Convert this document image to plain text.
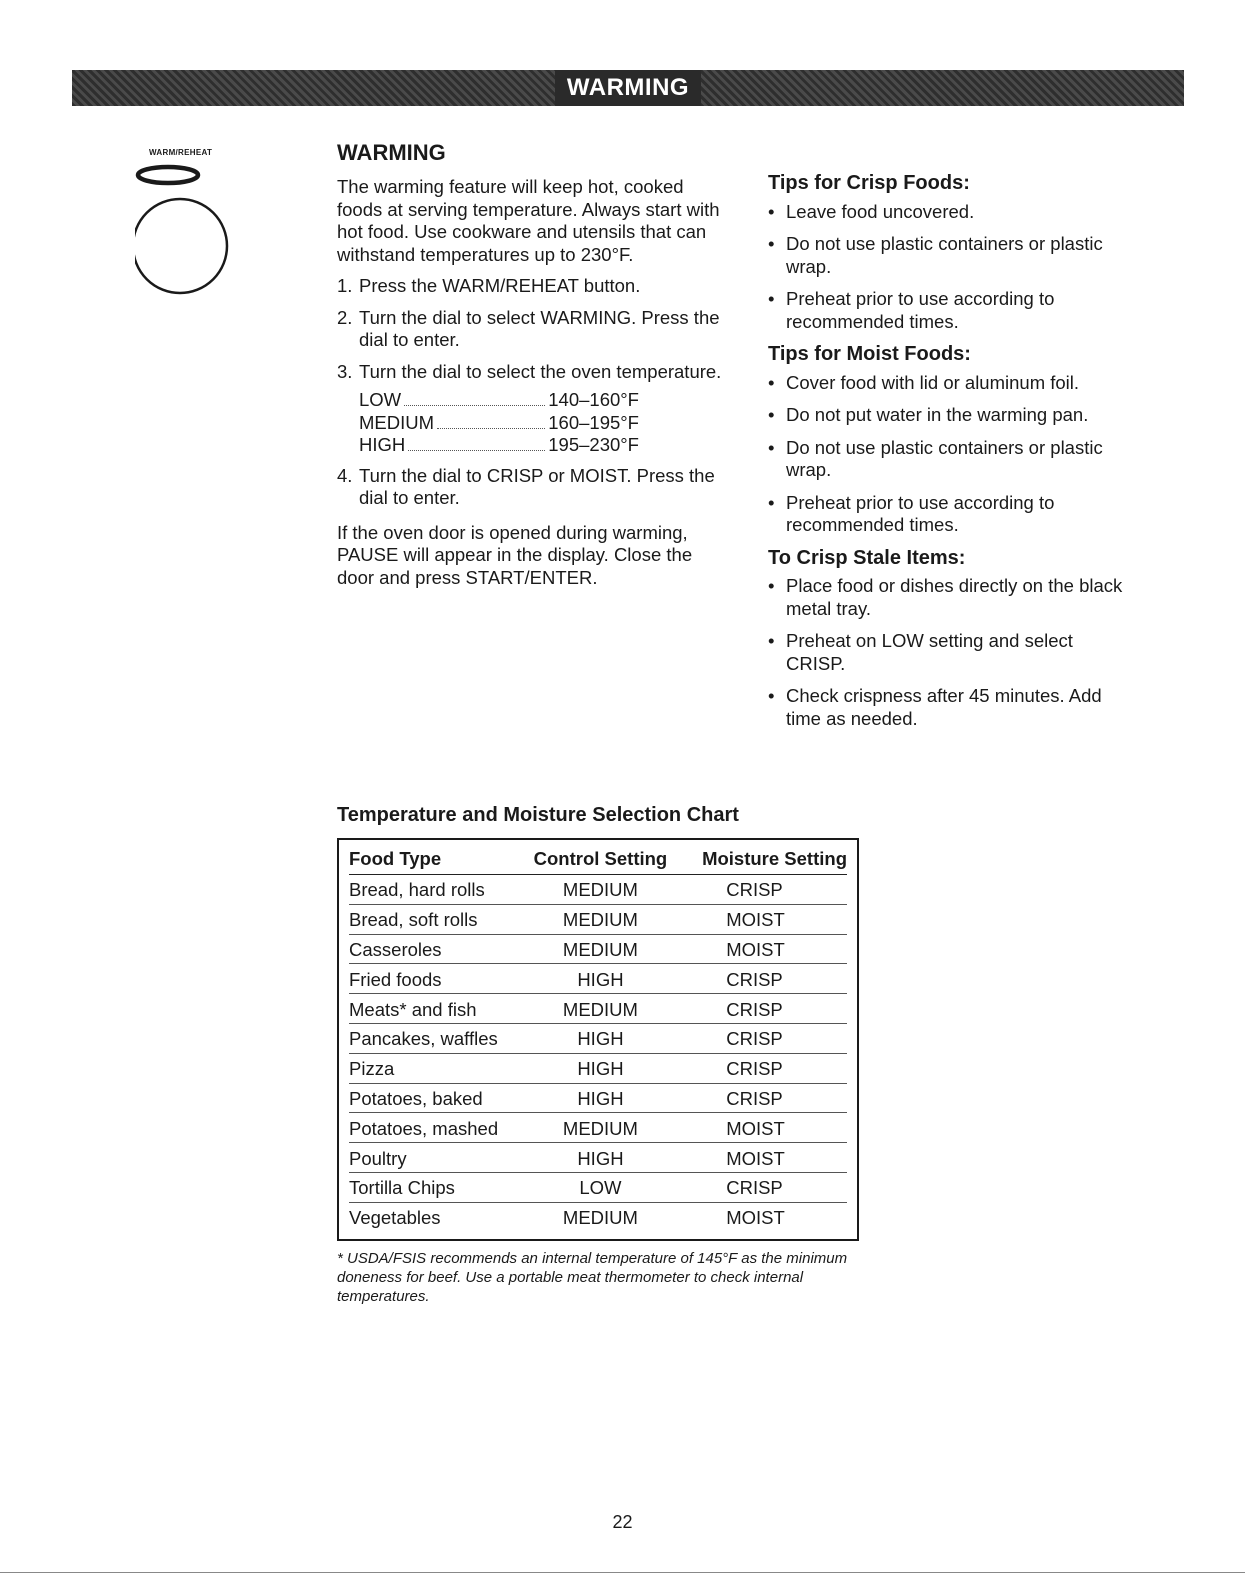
WARMING
WARM/REHEAT	WARMING

The warming feature will keep hot, cooked foods at serving temperature. Always start with hot food. Use cookware and utensils that can withstand temperatures up to 230°F.

1. Press the WARM/REHEAT button.
2. Turn the dial to select WARMING. Press the dial to enter.
3. Turn the dial to select the oven temperature.
LOW	140–160°F
MEDIUM	160–195°F
HIGH	195–230°F
4. Turn the dial to CRISP or MOIST. Press the dial to enter.

If the oven door is opened during warming, PAUSE will appear in the display. Close the door and press START/ENTER.

Tips for Crisp Foods:
• Leave food uncovered.
• Do not use plastic containers or plastic wrap.
• Preheat prior to use according to recommended times.
Tips for Moist Foods:
• Cover food with lid or aluminum foil.
• Do not put water in the warming pan.
• Do not use plastic containers or plastic wrap.
• Preheat prior to use according to recommended times.
To Crisp Stale Items:
• Place food or dishes directly on the black metal tray.
• Preheat on LOW setting and select CRISP.
• Check crispness after 45 minutes. Add time as needed.
Temperature and Moisture Selection Chart
Food Type	Control Setting	Moisture Setting
Bread, hard rolls	MEDIUM	CRISP
Bread, soft rolls	MEDIUM	MOIST
Casseroles	MEDIUM	MOIST
Fried foods	HIGH	CRISP
Meats* and fish	MEDIUM	CRISP
Pancakes, waffles	HIGH	CRISP
Pizza	HIGH	CRISP
Potatoes, baked	HIGH	CRISP
Potatoes, mashed	MEDIUM	MOIST
Poultry	HIGH	MOIST
Tortilla Chips	LOW	CRISP
Vegetables	MEDIUM	MOIST
* USDA/FSIS recommends an internal temperature of 145°F as the minimum doneness for beef. Use a portable meat thermometer to check internal temperatures.
22
